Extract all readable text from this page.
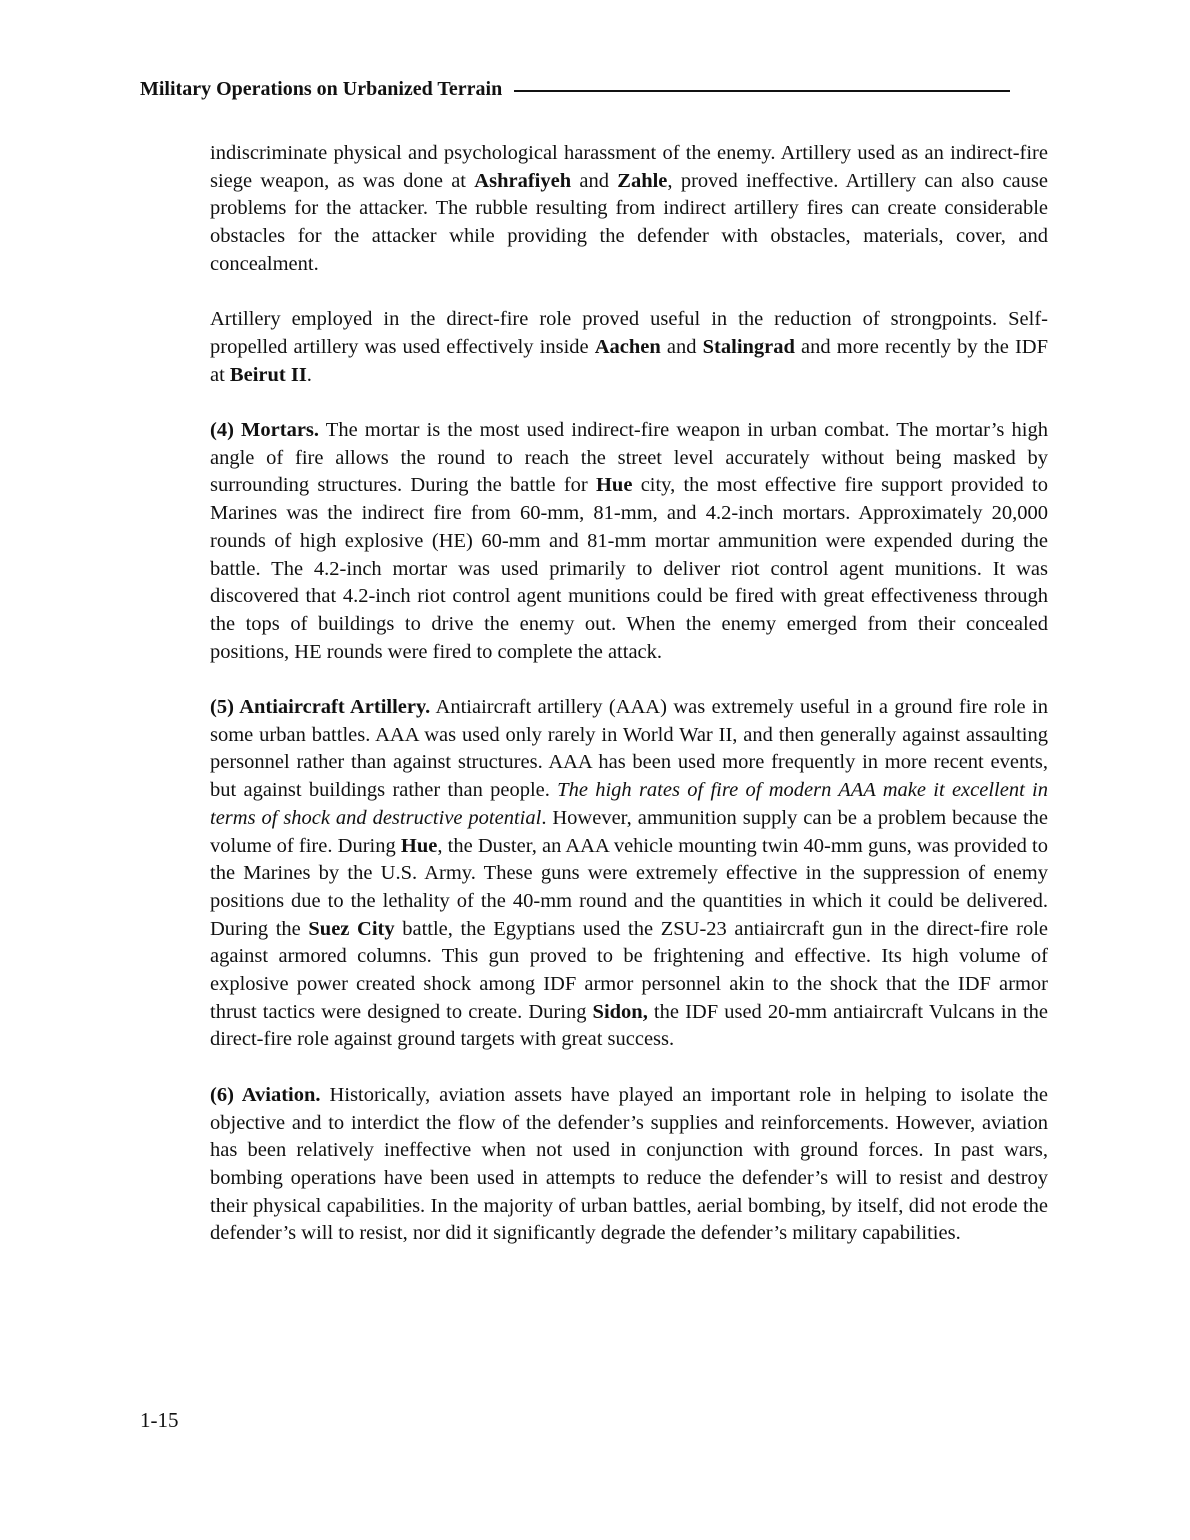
Military Operations on Urbanized Terrain

indiscriminate physical and psychological harassment of the enemy. Artillery used as an indirect-fire siege weapon, as was done at Ashrafiyeh and Zahle, proved ineffective. Artillery can also cause problems for the attacker. The rubble resulting from indirect artillery fires can create considerable obstacles for the attacker while providing the defender with obstacles, materials, cover, and concealment.

Artillery employed in the direct-fire role proved useful in the reduction of strongpoints. Self-propelled artillery was used effectively inside Aachen and Stalingrad and more recently by the IDF at Beirut II.

(4) Mortars. The mortar is the most used indirect-fire weapon in urban combat. The mortar’s high angle of fire allows the round to reach the street level accurately without being masked by surrounding structures. During the battle for Hue city, the most effective fire support provided to Marines was the indirect fire from 60-mm, 81-mm, and 4.2-inch mortars. Approximately 20,000 rounds of high explosive (HE) 60-mm and 81-mm mortar ammunition were expended during the battle. The 4.2-inch mortar was used primarily to deliver riot control agent munitions. It was discovered that 4.2-inch riot control agent munitions could be fired with great effectiveness through the tops of buildings to drive the enemy out. When the enemy emerged from their concealed positions, HE rounds were fired to complete the attack.

(5) Antiaircraft Artillery. Antiaircraft artillery (AAA) was extremely useful in a ground fire role in some urban battles. AAA was used only rarely in World War II, and then generally against assaulting personnel rather than against structures. AAA has been used more frequently in more recent events, but against buildings rather than people. The high rates of fire of modern AAA make it excellent in terms of shock and destructive potential. However, ammunition supply can be a problem because the volume of fire. During Hue, the Duster, an AAA vehicle mounting twin 40-mm guns, was provided to the Marines by the U.S. Army. These guns were extremely effective in the suppression of enemy positions due to the lethality of the 40-mm round and the quantities in which it could be delivered. During the Suez City battle, the Egyptians used the ZSU-23 antiaircraft gun in the direct-fire role against armored columns. This gun proved to be frightening and effective. Its high volume of explosive power created shock among IDF armor personnel akin to the shock that the IDF armor thrust tactics were designed to create. During Sidon, the IDF used 20-mm antiaircraft Vulcans in the direct-fire role against ground targets with great success.

(6) Aviation. Historically, aviation assets have played an important role in helping to isolate the objective and to interdict the flow of the defender’s supplies and reinforcements. However, aviation has been relatively ineffective when not used in conjunction with ground forces. In past wars, bombing operations have been used in attempts to reduce the defender’s will to resist and destroy their physical capabilities. In the majority of urban battles, aerial bombing, by itself, did not erode the defender’s will to resist, nor did it significantly degrade the defender’s military capabilities.

1-15
